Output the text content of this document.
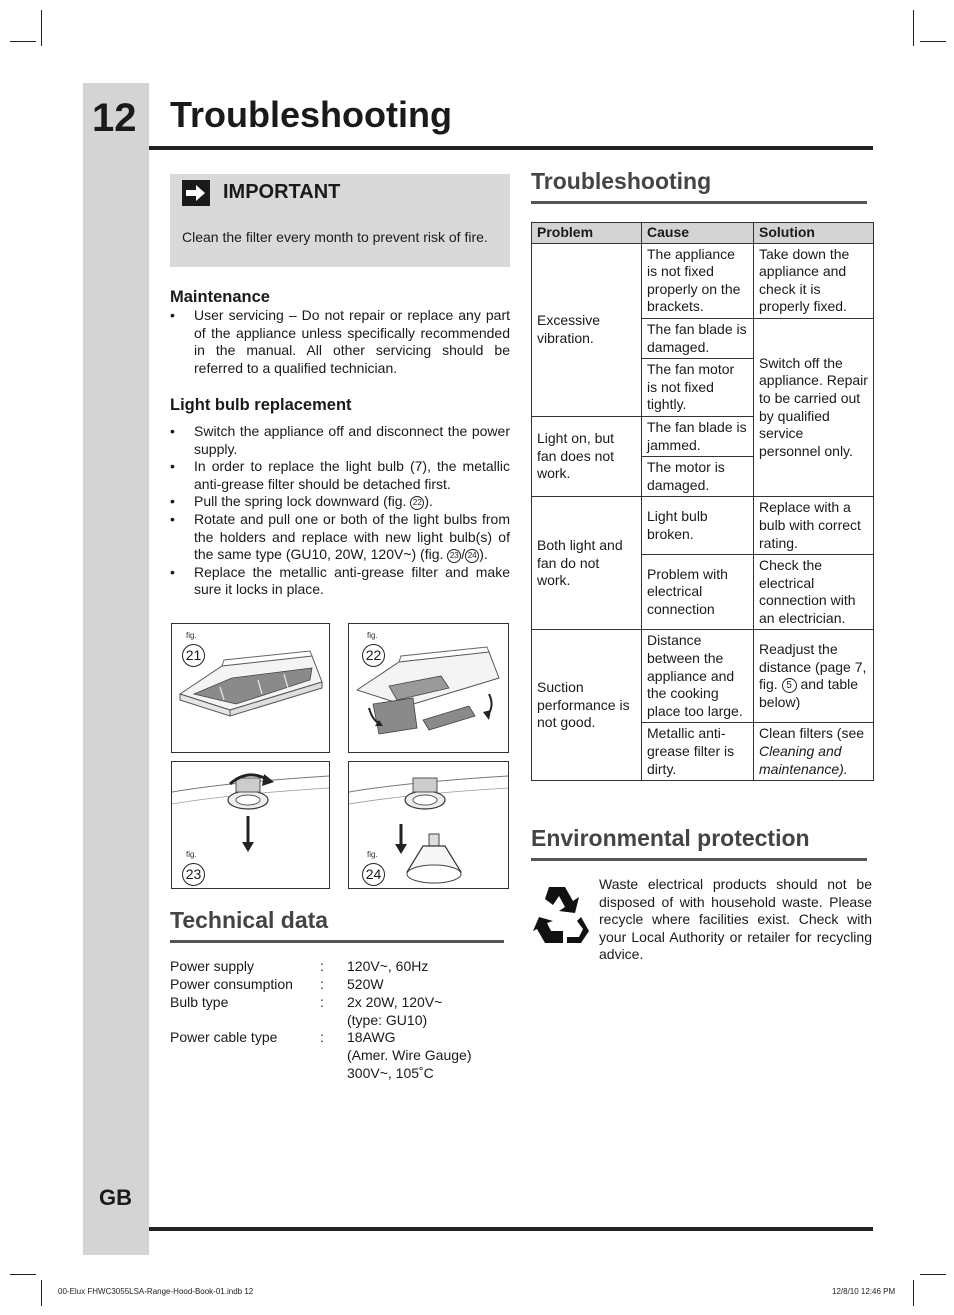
12 Troubleshooting
GB
IMPORTANT
Clean the filter every month to prevent risk of fire.
Maintenance
• User servicing – Do not repair or replace any part of the appliance unless specifically recommended in the manual. All other servicing should be referred to a qualified technician.
Light bulb replacement
• Switch the appliance off and disconnect the power supply.
• In order to replace the light bulb (7), the metallic anti-grease filter should be detached first.
• Pull the spring lock downward (fig. 22 ).
• Rotate and pull one or both of the light bulbs from the holders and replace with new light bulb(s) of the same type (GU10, 20W, 120V~) (fig. 23 / 24 ).
• Replace the metallic anti-grease filter and make sure it locks in place.
fig.
21
fig.
22
fig.
23
fig.
24
Technical data
Power supply	: 120V~, 60Hz
Power consumption : 520W
Bulb type	: 2x 20W, 120V~
(type: GU10)
Power cable type	: 18AWG
(Amer. Wire Gauge)
300V~, 105˚C
Troubleshooting
Problem	Cause	Solution
Excessive vibration.	The appliance is not fixed properly on the brackets.	Take down the appliance and check it is properly fixed.
	The fan blade is damaged.	Switch off the appliance. Repair to be carried out by qualified service personnel only.
	The fan motor is not fixed tightly.	
Light on, but fan does not work.	The fan blade is jammed.	
	The motor is damaged.	
Both light and fan do not work.	Light bulb broken.	Replace with a bulb with correct rating.
	Problem with electrical connection	Check the electrical connection with an electrician.
Suction performance is not good.	Distance between the appliance and the cooking place too large.	Readjust the distance (page 7, fig. 5 and table below)
	Metallic anti-grease filter is dirty.	Clean filters (see Cleaning and maintenance).
Environmental protection
Waste electrical products should not be disposed of with household waste. Please recycle where facilities exist. Check with your Local Authority or retailer for recycling advice.
00-Elux FHWC3055LSA-Range-Hood-Book-01.indb 12	12/8/10 12:46 PM
